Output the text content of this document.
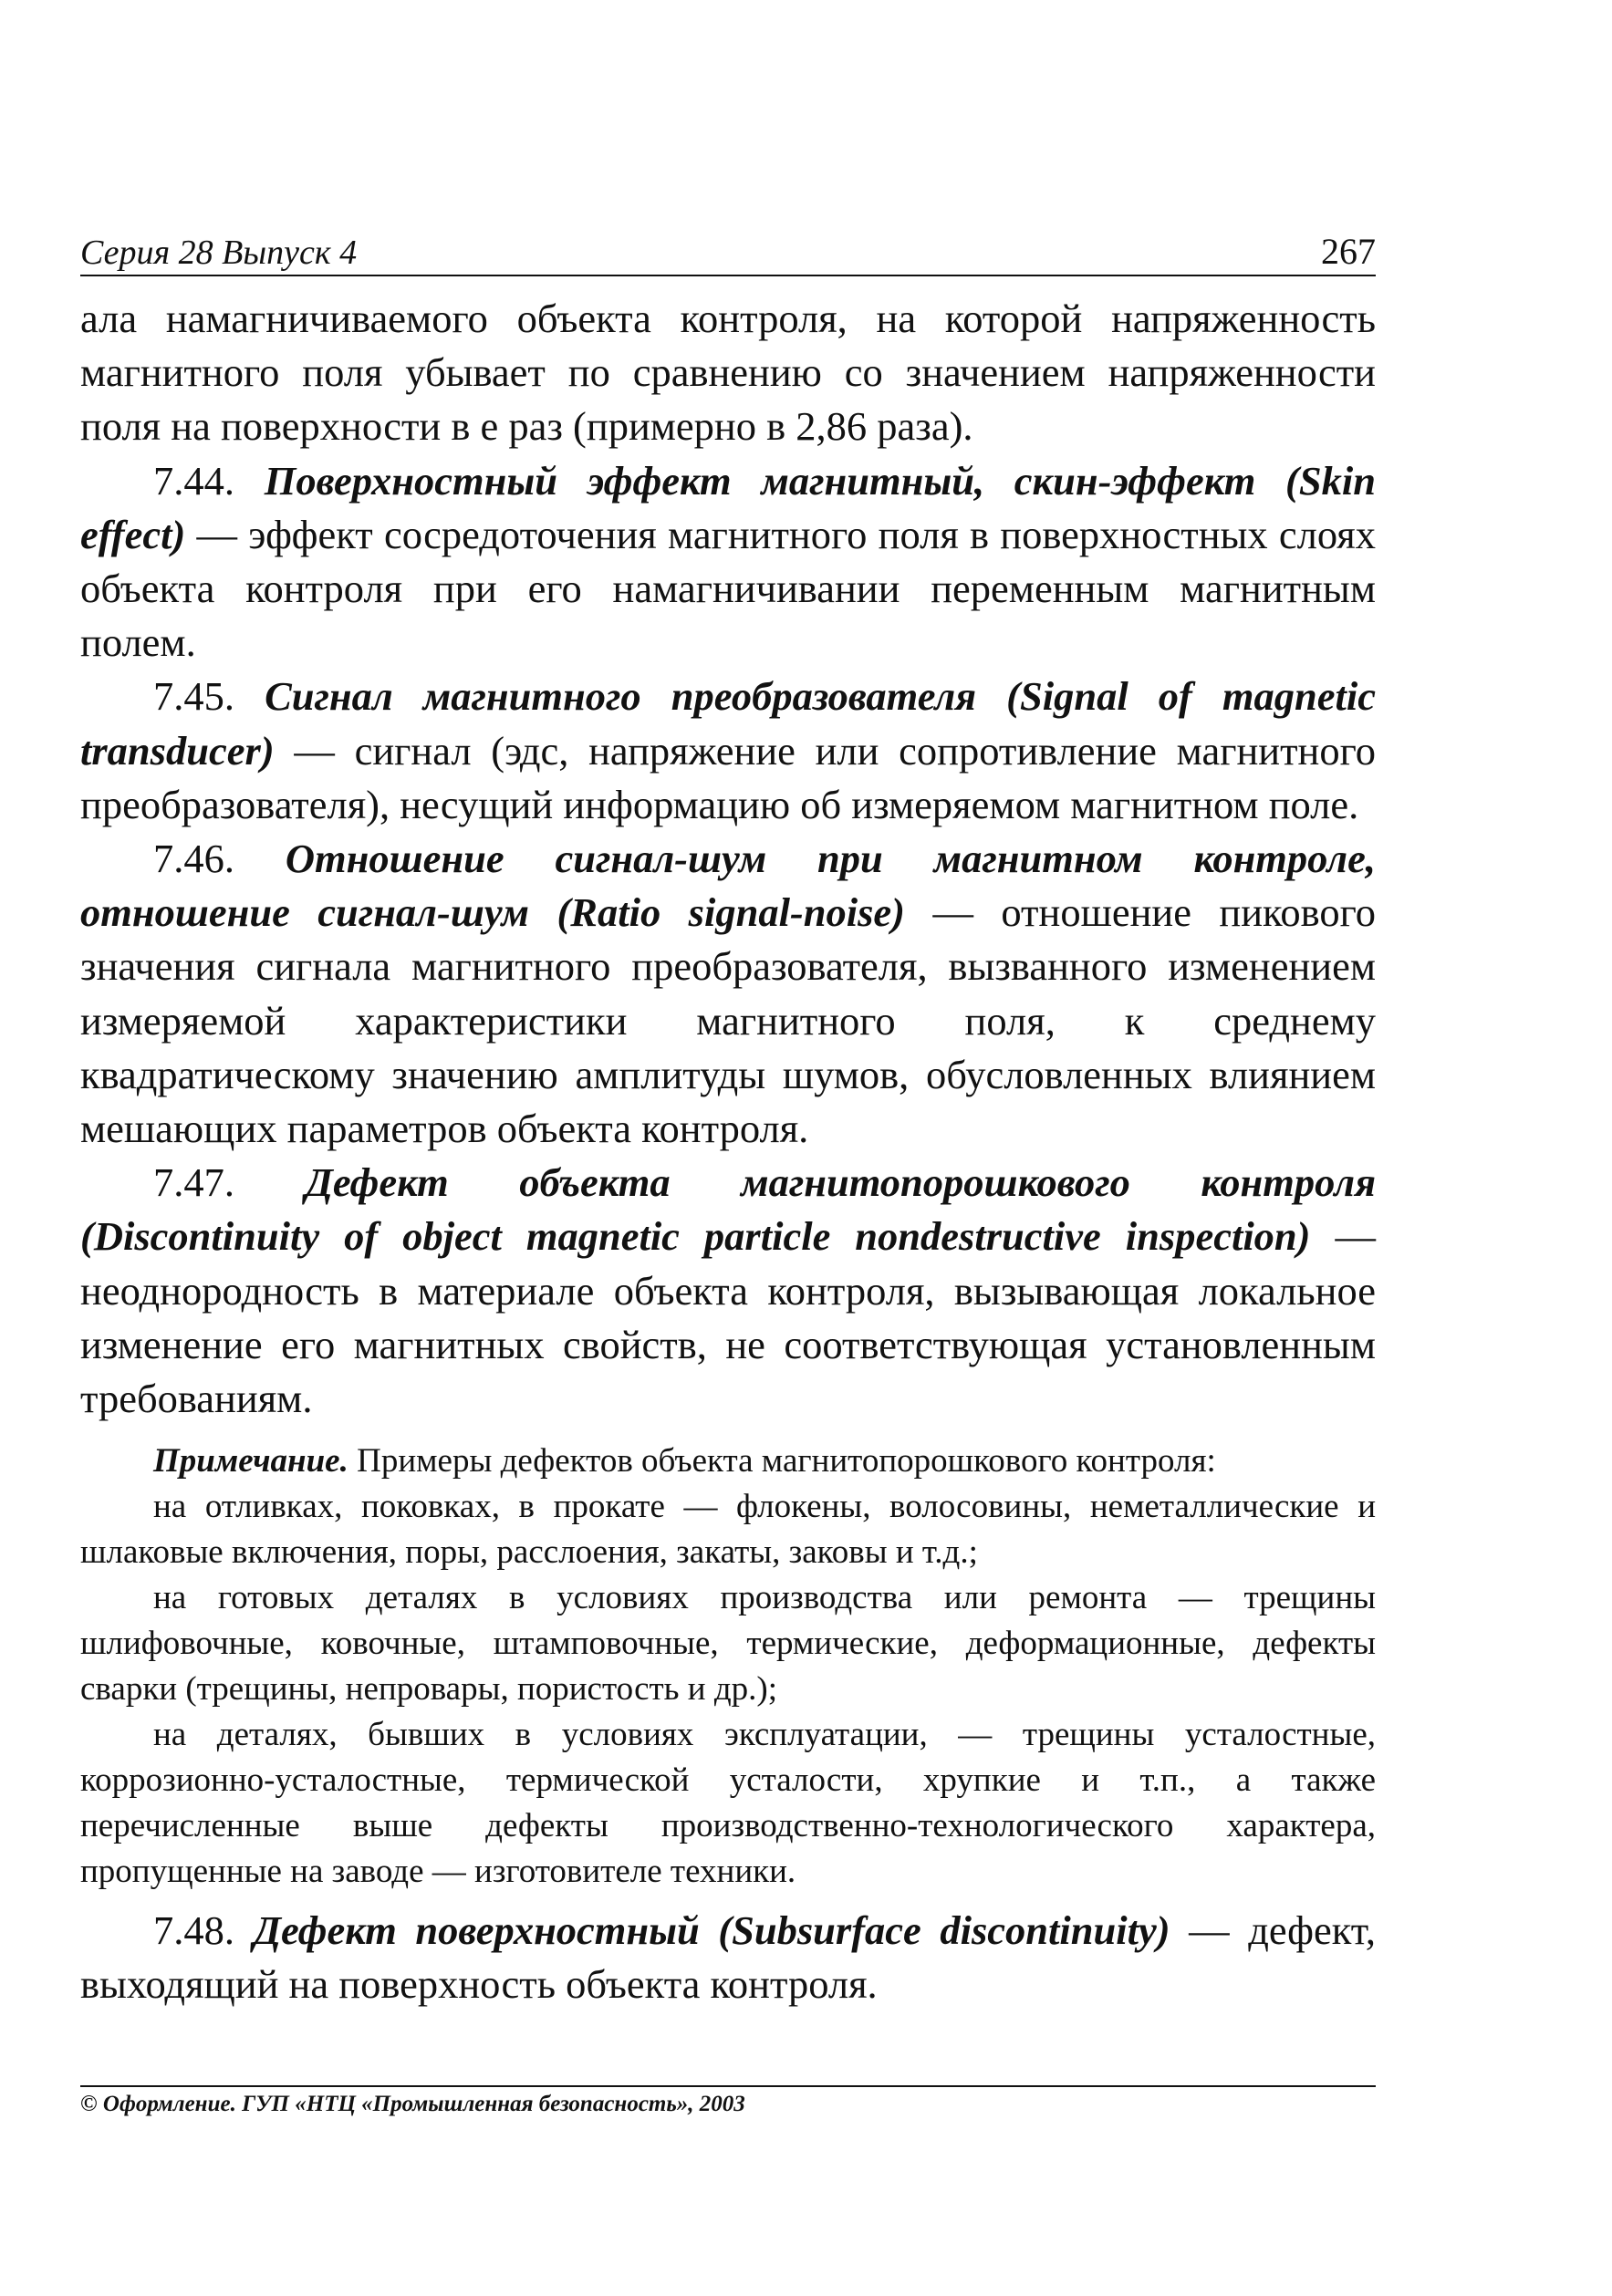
Серия 28 Выпуск 4	267

ала намагничиваемого объекта контроля, на которой напряженность магнитного поля убывает по сравнению со значением напряженности поля на поверхности в e раз (примерно в 2,86 раза).

7.44. Поверхностный эффект магнитный, скин-эффект (Skin effect) — эффект сосредоточения магнитного поля в поверхностных слоях объекта контроля при его намагничивании переменным магнитным полем.

7.45. Сигнал магнитного преобразователя (Signal of magnetic transducer) — сигнал (эдс, напряжение или сопротивление магнитного преобразователя), несущий информацию об измеряемом магнитном поле.

7.46. Отношение сигнал-шум при магнитном контроле, отношение сигнал-шум (Ratio signal-noise) — отношение пикового значения сигнала магнитного преобразователя, вызванного изменением измеряемой характеристики магнитного поля, к среднему квадратическому значению амплитуды шумов, обусловленных влиянием мешающих параметров объекта контроля.

7.47. Дефект объекта магнитопорошкового контроля (Discontinuity of object magnetic particle nondestructive inspection) — неоднородность в материале объекта контроля, вызывающая локальное изменение его магнитных свойств, не соответствующая установленным требованиям.

Примечание. Примеры дефектов объекта магнитопорошкового контроля:

на отливках, поковках, в прокате — флокены, волосовины, неметаллические и шлаковые включения, поры, расслоения, закаты, заковы и т.д.;

на готовых деталях в условиях производства или ремонта — трещины шлифовочные, ковочные, штамповочные, термические, деформационные, дефекты сварки (трещины, непровары, пористость и др.);

на деталях, бывших в условиях эксплуатации, — трещины усталостные, коррозионно-усталостные, термической усталости, хрупкие и т.п., а также перечисленные выше дефекты производственно-технологического характера, пропущенные на заводе — изготовителе техники.

7.48. Дефект поверхностный (Subsurface discontinuity) — дефект, выходящий на поверхность объекта контроля.

© Оформление. ГУП «НТЦ «Промышленная безопасность», 2003
